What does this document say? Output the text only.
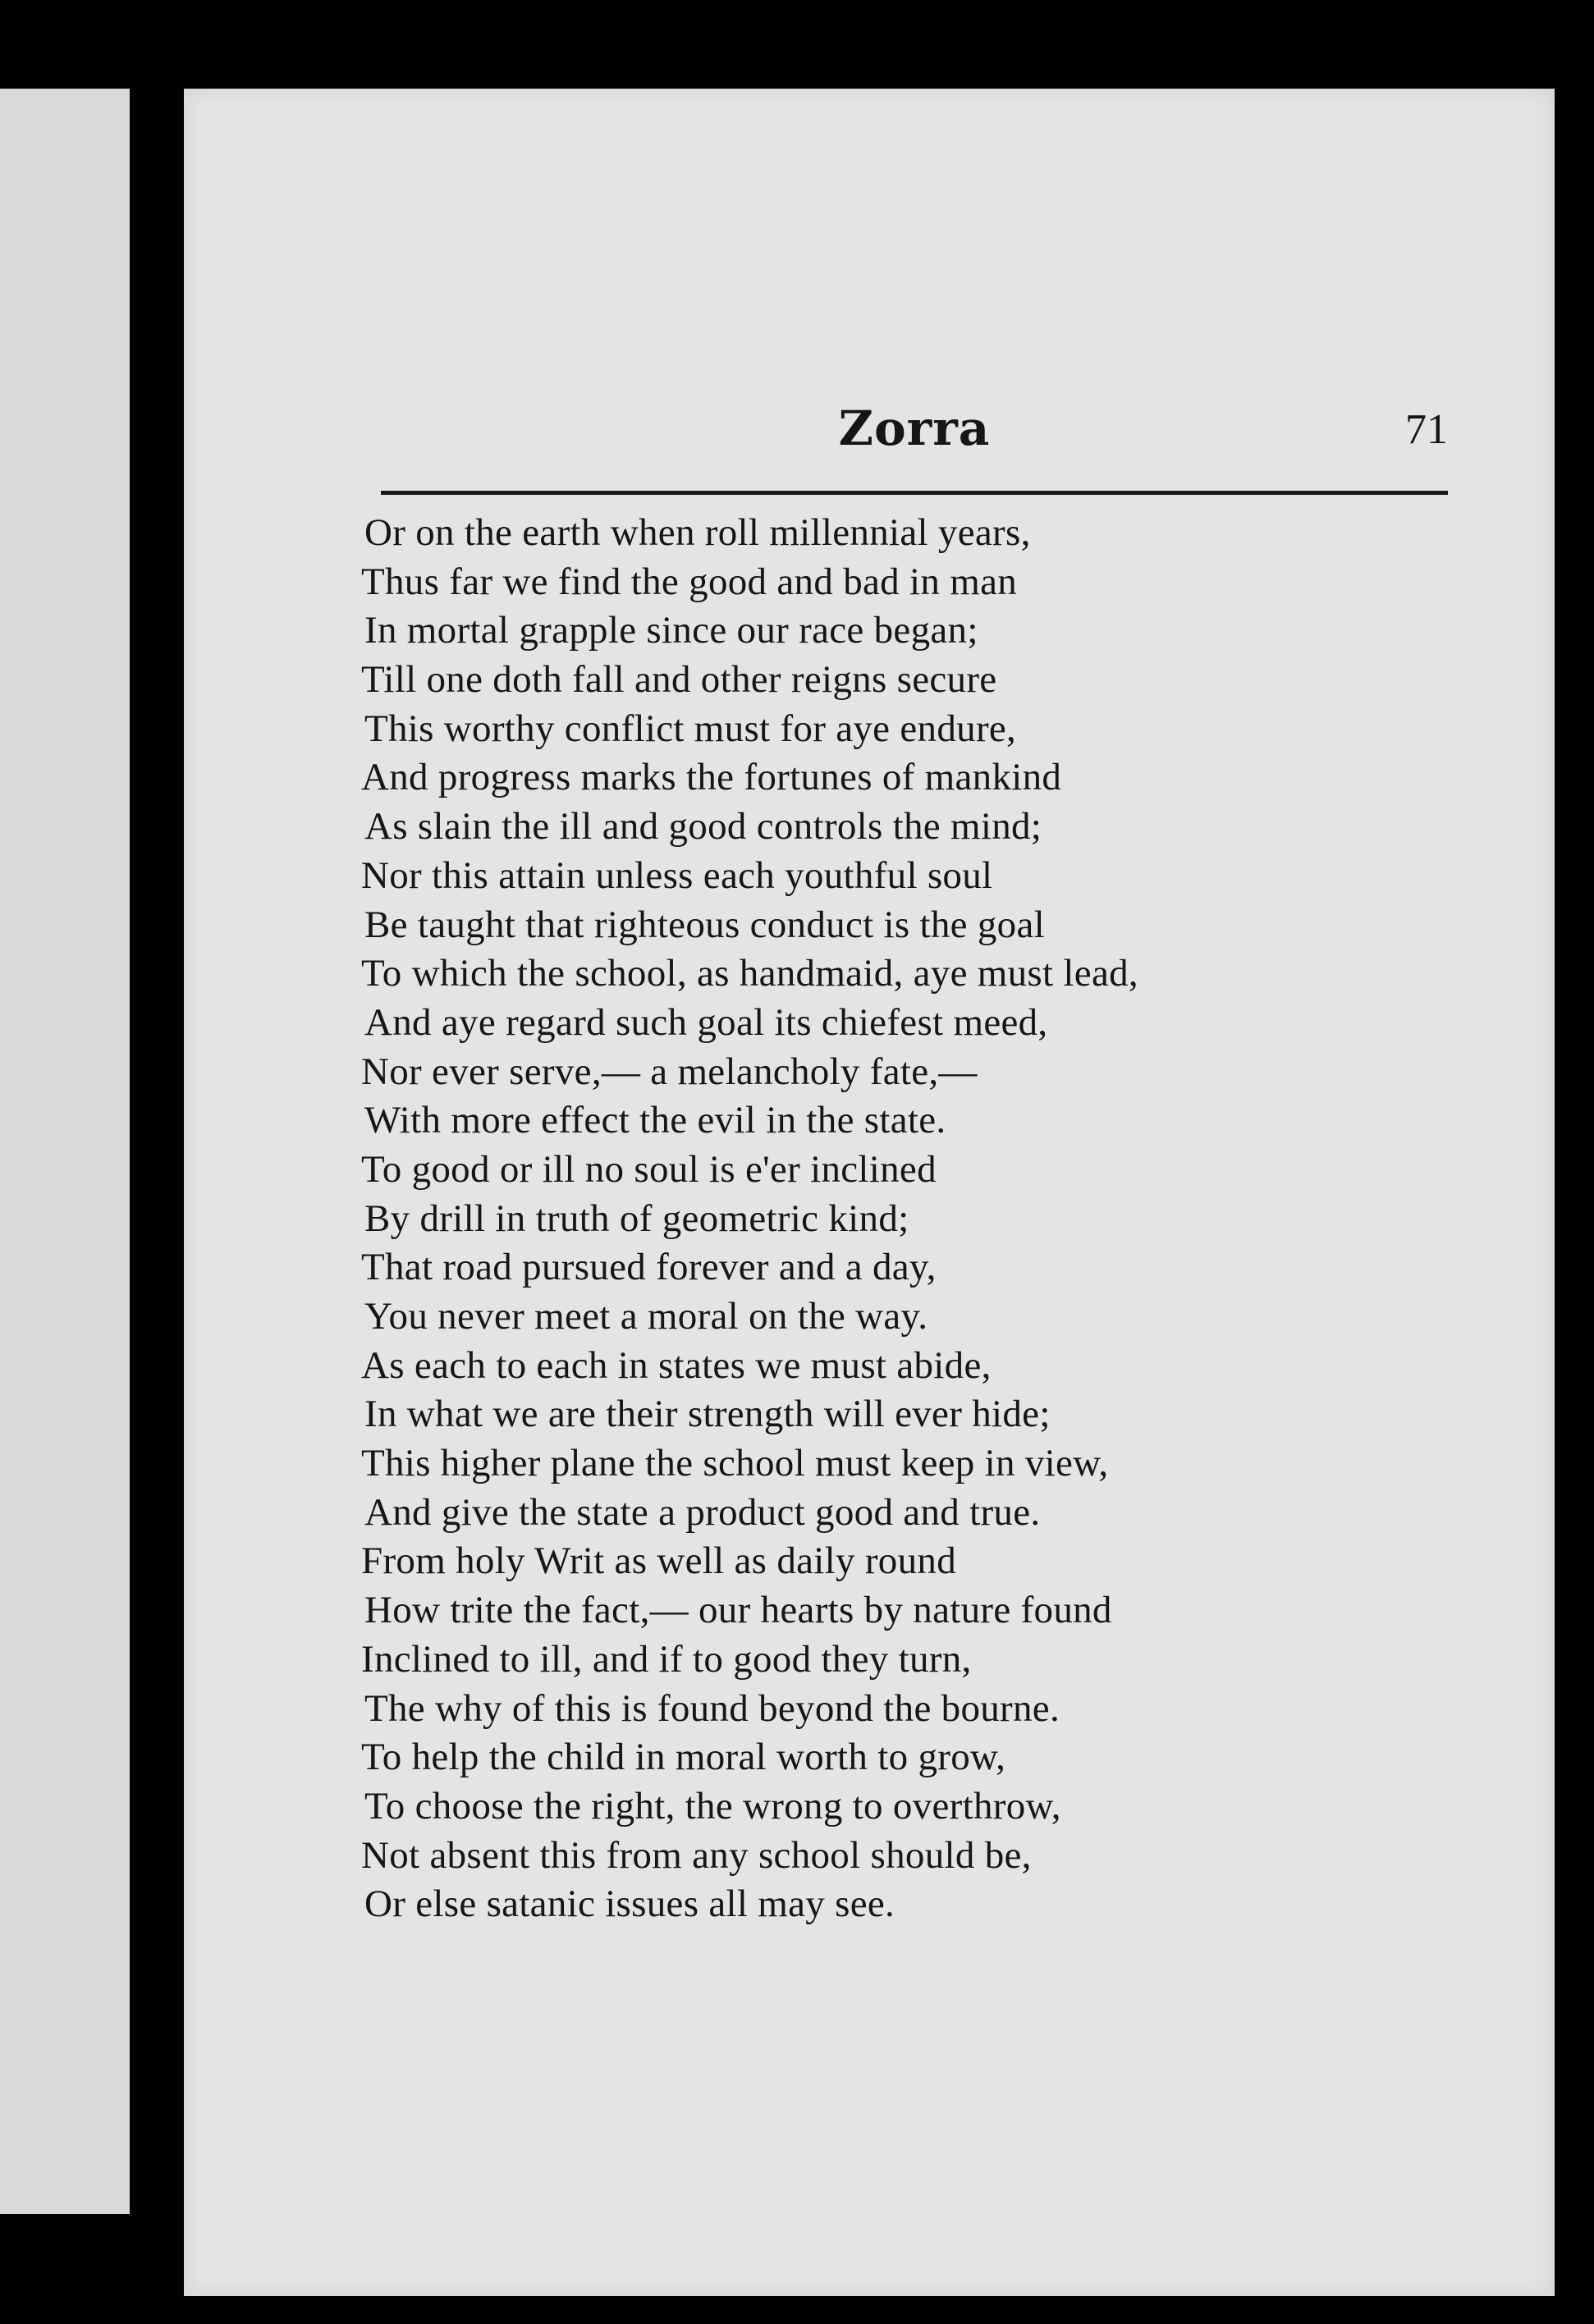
Zorra	71
Or on the earth when roll millennial years,
Thus far we find the good and bad in man
In mortal grapple since our race began;
Till one doth fall and other reigns secure
This worthy conflict must for aye endure,
And progress marks the fortunes of mankind
As slain the ill and good controls the mind;
Nor this attain unless each youthful soul
Be taught that righteous conduct is the goal
To which the school, as handmaid, aye must lead,
And aye regard such goal its chiefest meed,
Nor ever serve,— a melancholy fate,—
With more effect the evil in the state.
To good or ill no soul is e'er inclined
By drill in truth of geometric kind;
That road pursued forever and a day,
You never meet a moral on the way.
As each to each in states we must abide,
In what we are their strength will ever hide;
This higher plane the school must keep in view,
And give the state a product good and true.
From holy Writ as well as daily round
How trite the fact,— our hearts by nature found
Inclined to ill, and if to good they turn,
The why of this is found beyond the bourne.
To help the child in moral worth to grow,
To choose the right, the wrong to overthrow,
Not absent this from any school should be,
Or else satanic issues all may see.
